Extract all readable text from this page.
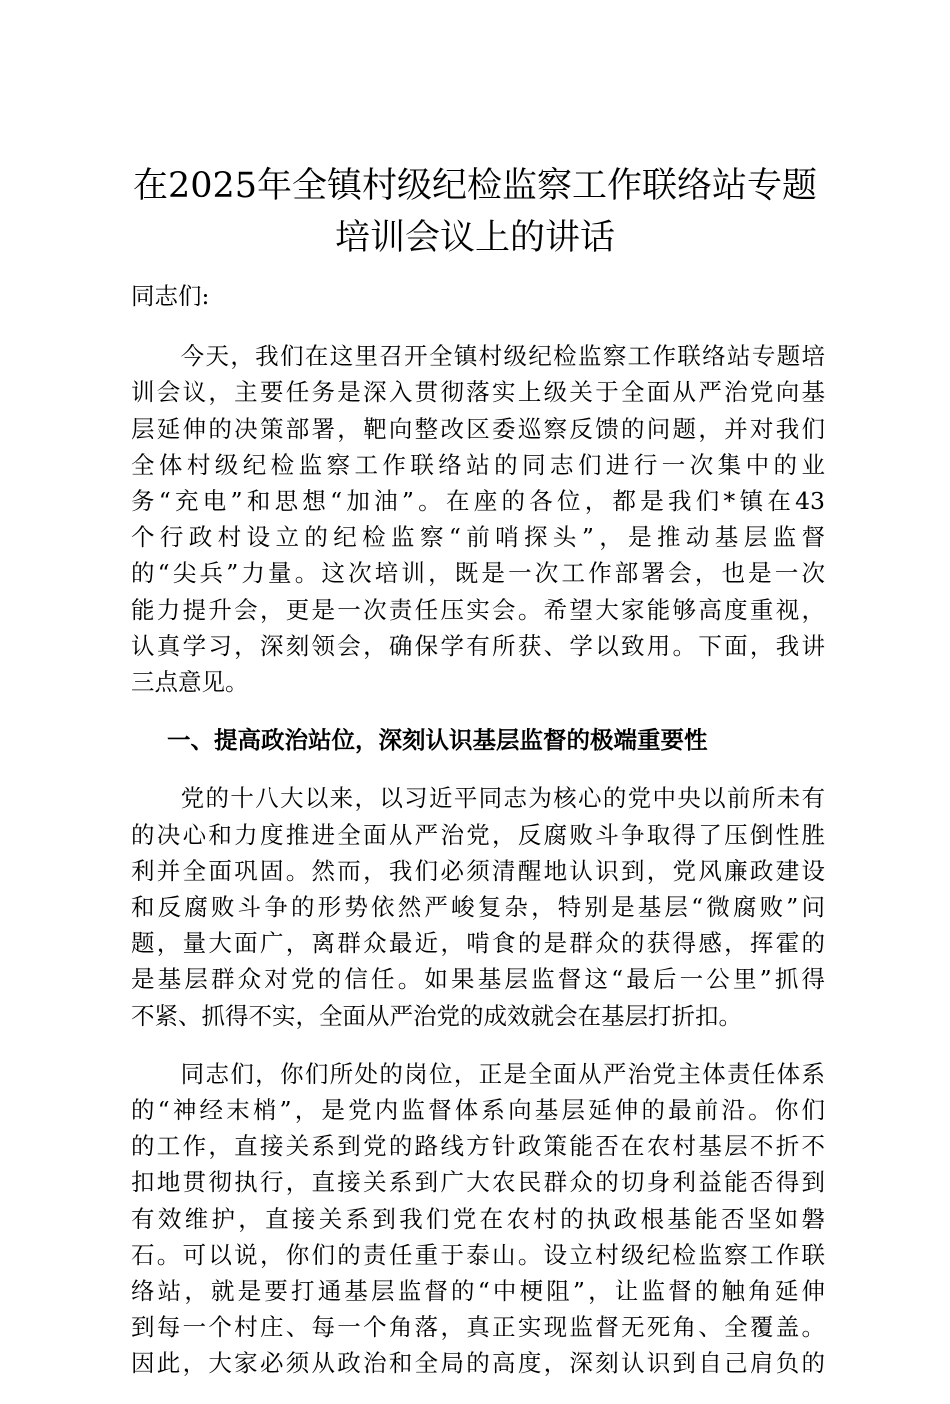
在2025年全镇村级纪检监察工作联络站专题
培训会议上的讲话

同志们:

　　今天，我们在这里召开全镇村级纪检监察工作联络站专题培
训会议，主要任务是深入贯彻落实上级关于全面从严治党向基
层延伸的决策部署，靶向整改区委巡察反馈的问题，并对我们
全体村级纪检监察工作联络站的同志们进行一次集中的业
务“充电”和思想“加油”。在座的各位，都是我们*镇在43
个行政村设立的纪检监察“前哨探头”，是推动基层监督
的“尖兵”力量。这次培训，既是一次工作部署会，也是一次
能力提升会，更是一次责任压实会。希望大家能够高度重视，
认真学习，深刻领会，确保学有所获、学以致用。下面，我讲
三点意见。

一、提高政治站位，深刻认识基层监督的极端重要性

　　党的十八大以来，以习近平同志为核心的党中央以前所未有
的决心和力度推进全面从严治党，反腐败斗争取得了压倒性胜
利并全面巩固。然而，我们必须清醒地认识到，党风廉政建设
和反腐败斗争的形势依然严峻复杂，特别是基层“微腐败”问
题，量大面广，离群众最近，啃食的是群众的获得感，挥霍的
是基层群众对党的信任。如果基层监督这“最后一公里”抓得
不紧、抓得不实，全面从严治党的成效就会在基层打折扣。

　　同志们，你们所处的岗位，正是全面从严治党主体责任体系
的“神经末梢”，是党内监督体系向基层延伸的最前沿。你们
的工作，直接关系到党的路线方针政策能否在农村基层不折不
扣地贯彻执行，直接关系到广大农民群众的切身利益能否得到
有效维护，直接关系到我们党在农村的执政根基能否坚如磐
石。可以说，你们的责任重于泰山。设立村级纪检监察工作联
络站，就是要打通基层监督的“中梗阻”，让监督的触角延伸
到每一个村庄、每一个角落，真正实现监督无死角、全覆盖。
因此，大家必须从政治和全局的高度，深刻认识到自己肩负的
